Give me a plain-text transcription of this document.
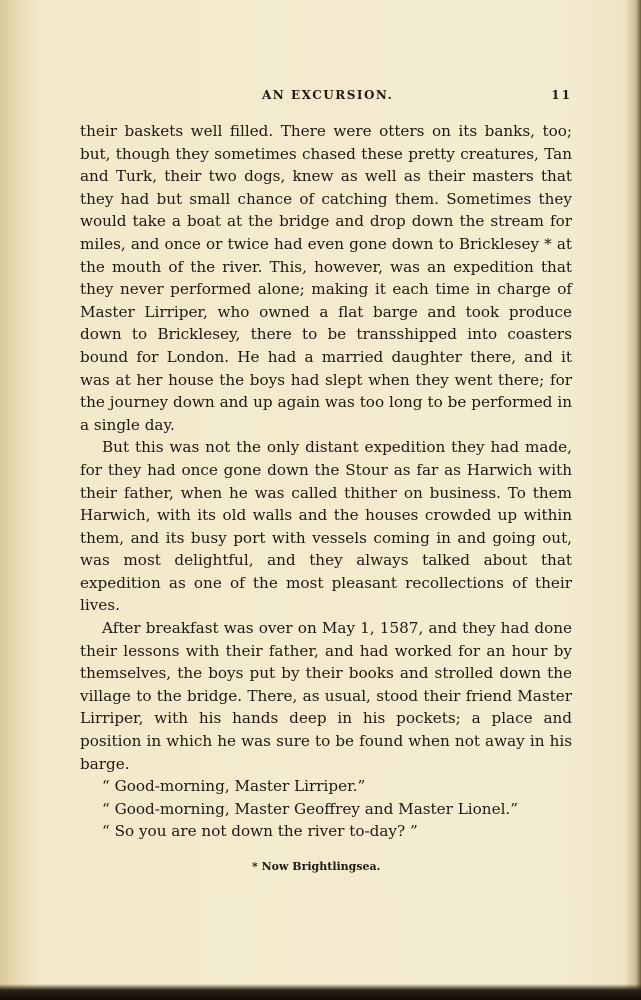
AN EXCURSION.	11

their baskets well filled. There were otters on its banks, too; but, though they sometimes chased these pretty creatures, Tan and Turk, their two dogs, knew as well as their masters that they had but small chance of catching them. Sometimes they would take a boat at the bridge and drop down the stream for miles, and once or twice had even gone down to Bricklesey * at the mouth of the river. This, however, was an expedition that they never performed alone; making it each time in charge of Master Lirriper, who owned a flat barge and took produce down to Bricklesey, there to be transshipped into coasters bound for London. He had a married daughter there, and it was at her house the boys had slept when they went there; for the journey down and up again was too long to be performed in a single day.

But this was not the only distant expedition they had made, for they had once gone down the Stour as far as Harwich with their father, when he was called thither on business. To them Harwich, with its old walls and the houses crowded up within them, and its busy port with vessels coming in and going out, was most delightful, and they always talked about that expedition as one of the most pleasant recollections of their lives.

After breakfast was over on May 1, 1587, and they had done their lessons with their father, and had worked for an hour by themselves, the boys put by their books and strolled down the village to the bridge. There, as usual, stood their friend Master Lirriper, with his hands deep in his pockets; a place and position in which he was sure to be found when not away in his barge.

“ Good-morning, Master Lirriper.”

“ Good-morning, Master Geoffrey and Master Lionel.”

“ So you are not down the river to-day? ”

* Now Brightlingsea.
